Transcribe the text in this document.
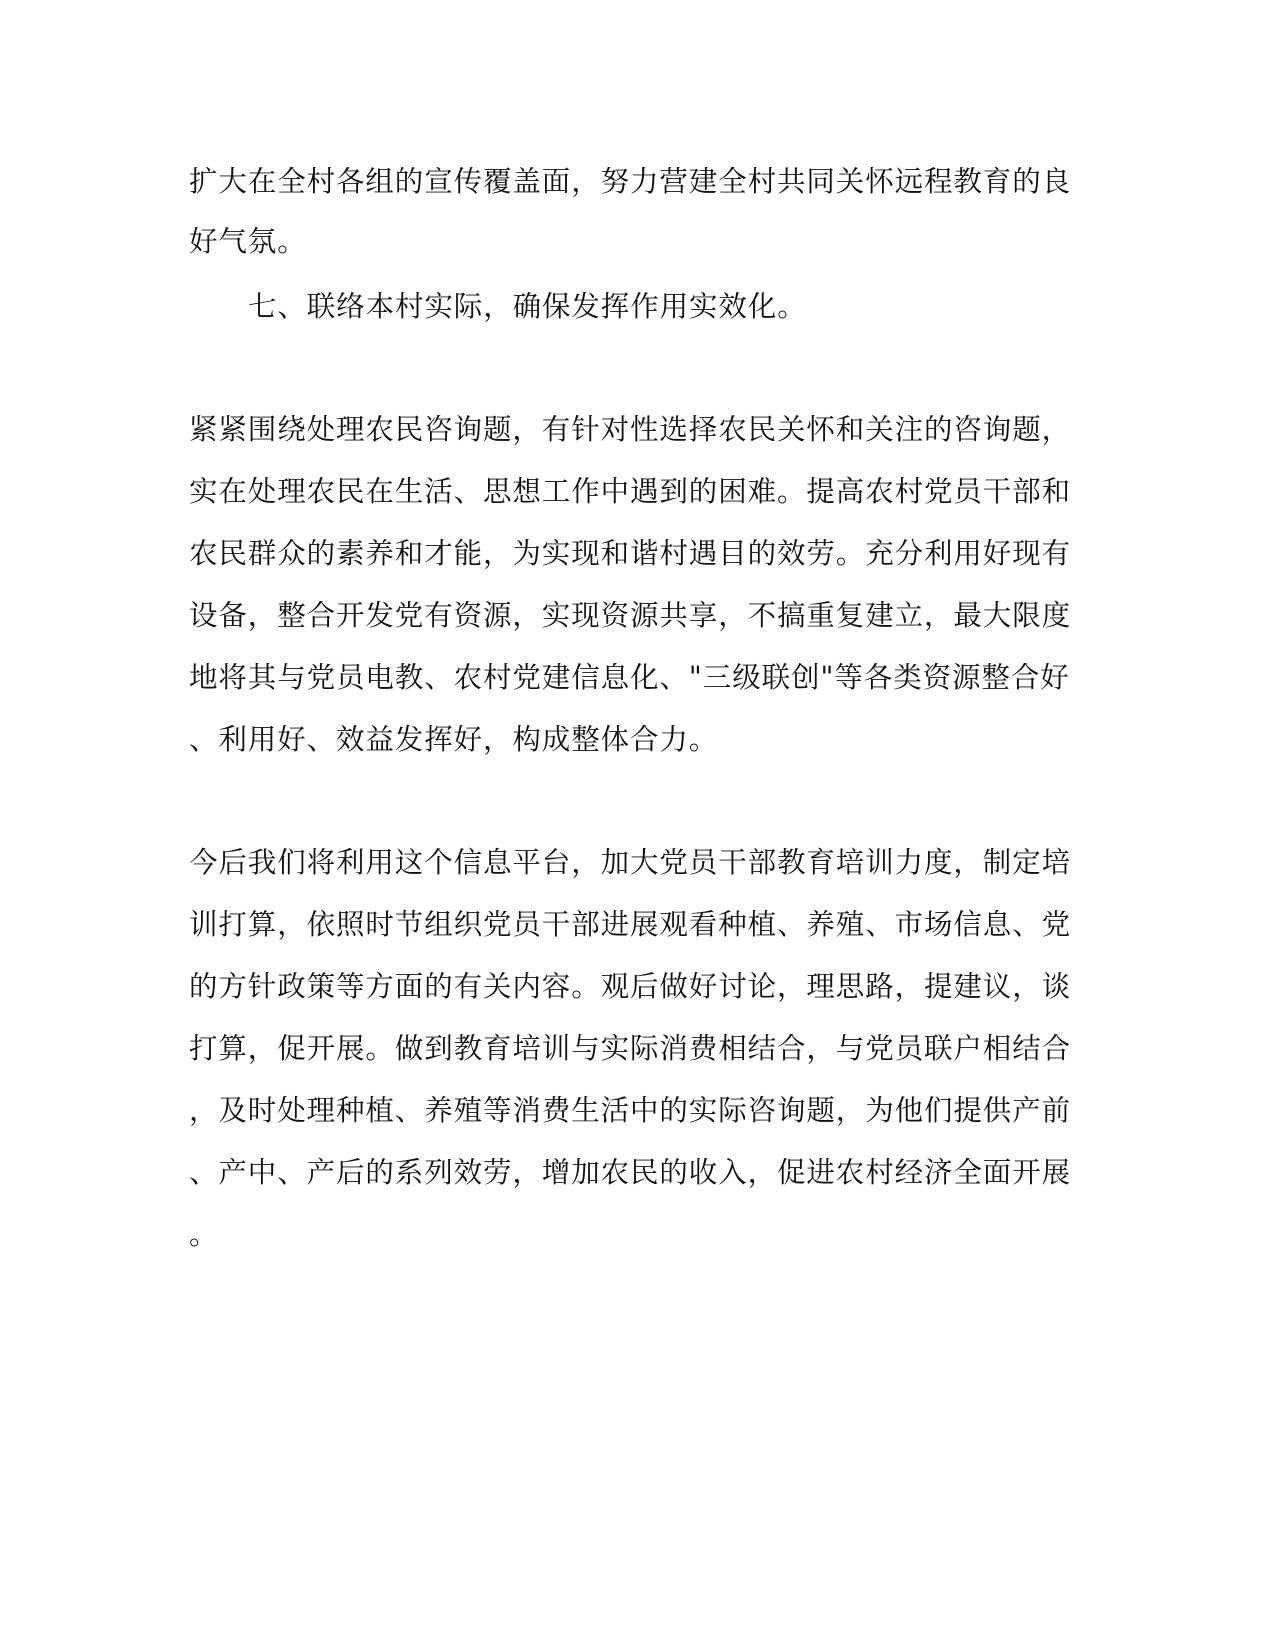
扩大在全村各组的宣传覆盖面，努力营建全村共同关怀远程教育的良
好气氛。
七、联络本村实际，确保发挥作用实效化。
紧紧围绕处理农民咨询题，有针对性选择农民关怀和关注的咨询题，
实在处理农民在生活、思想工作中遇到的困难。提高农村党员干部和
农民群众的素养和才能，为实现和谐村遇目的效劳。充分利用好现有
设备，整合开发党有资源，实现资源共享，不搞重复建立，最大限度
地将其与党员电教、农村党建信息化、"三级联创"等各类资源整合好
、利用好、效益发挥好，构成整体合力。
今后我们将利用这个信息平台，加大党员干部教育培训力度，制定培
训打算，依照时节组织党员干部进展观看种植、养殖、市场信息、党
的方针政策等方面的有关内容。观后做好讨论，理思路，提建议，谈
打算，促开展。做到教育培训与实际消费相结合，与党员联户相结合
，及时处理种植、养殖等消费生活中的实际咨询题，为他们提供产前
、产中、产后的系列效劳，增加农民的收入，促进农村经济全面开展
。
